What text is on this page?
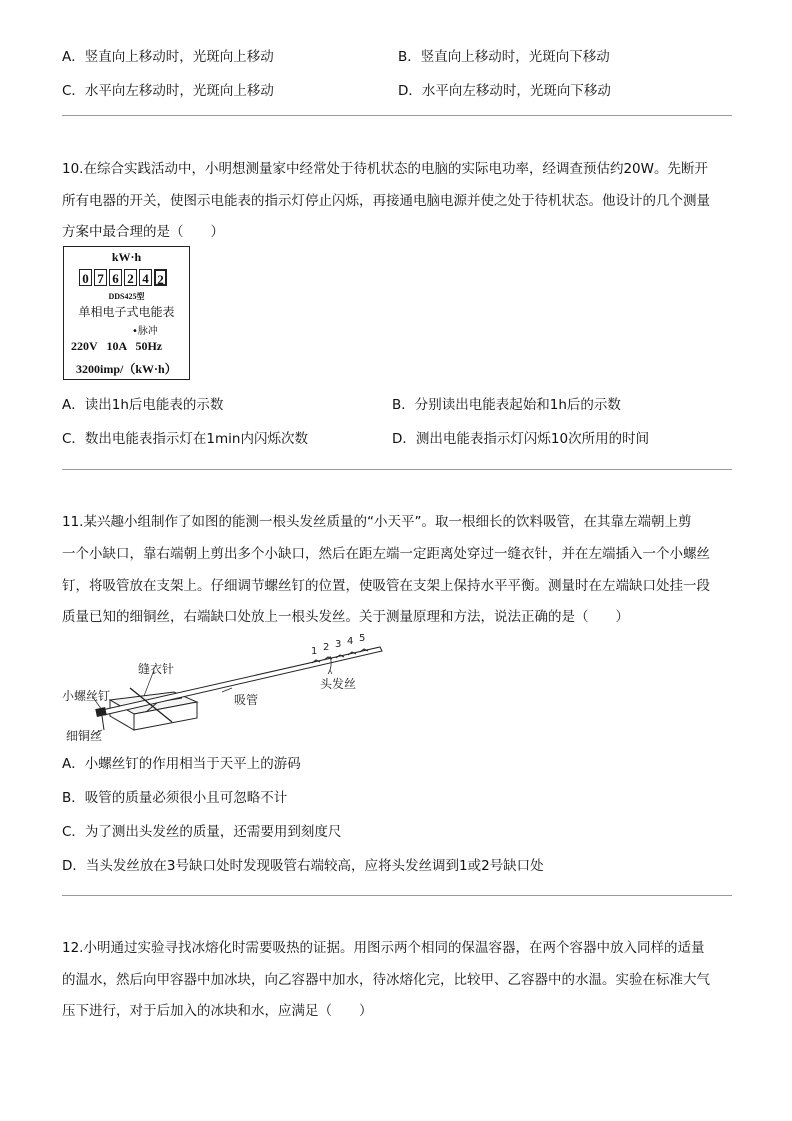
A．竖直向上移动时，光斑向上移动	B．竖直向上移动时，光斑向下移动
C．水平向左移动时，光斑向上移动	D．水平向左移动时，光斑向下移动
10.在综合实践活动中，小明想测量家中经常处于待机状态的电脑的实际电功率，经调查预估约20W。先断开
所有电器的开关，使图示电能表的指示灯停止闪烁，再接通电脑电源并使之处于待机状态。他设计的几个测量
方案中最合理的是（　　）
kW·h
0 7 6 2 4 2
DDS425型
单相电子式电能表
•脉冲
220V 10A 50Hz
3200imp/（kW·h）
A．读出1h后电能表的示数	B．分别读出电能表起始和1h后的示数
C．数出电能表指示灯在1min内闪烁次数	D．测出电能表指示灯闪烁10次所用的时间
11.某兴趣小组制作了如图的能测一根头发丝质量的“小天平”。取一根细长的饮料吸管，在其靠左端朝上剪
一个小缺口，靠右端朝上剪出多个小缺口，然后在距左端一定距离处穿过一缝衣针，并在左端插入一个小螺丝
钉，将吸管放在支架上。仔细调节螺丝钉的位置，使吸管在支架上保持水平平衡。测量时在左端缺口处挂一段
质量已知的细铜丝，右端缺口处放上一根头发丝。关于测量原理和方法，说法正确的是（　　）
缝衣针
小螺丝钉	吸管
头发丝
细铜丝
1 2 3 4 5
A．小螺丝钉的作用相当于天平上的游码
B．吸管的质量必须很小且可忽略不计
C．为了测出头发丝的质量，还需要用到刻度尺
D．当头发丝放在3号缺口处时发现吸管右端较高，应将头发丝调到1或2号缺口处
12.小明通过实验寻找冰熔化时需要吸热的证据。用图示两个相同的保温容器，在两个容器中放入同样的适量
的温水，然后向甲容器中加冰块，向乙容器中加水，待冰熔化完，比较甲、乙容器中的水温。实验在标准大气
压下进行，对于后加入的冰块和水，应满足（　　）
